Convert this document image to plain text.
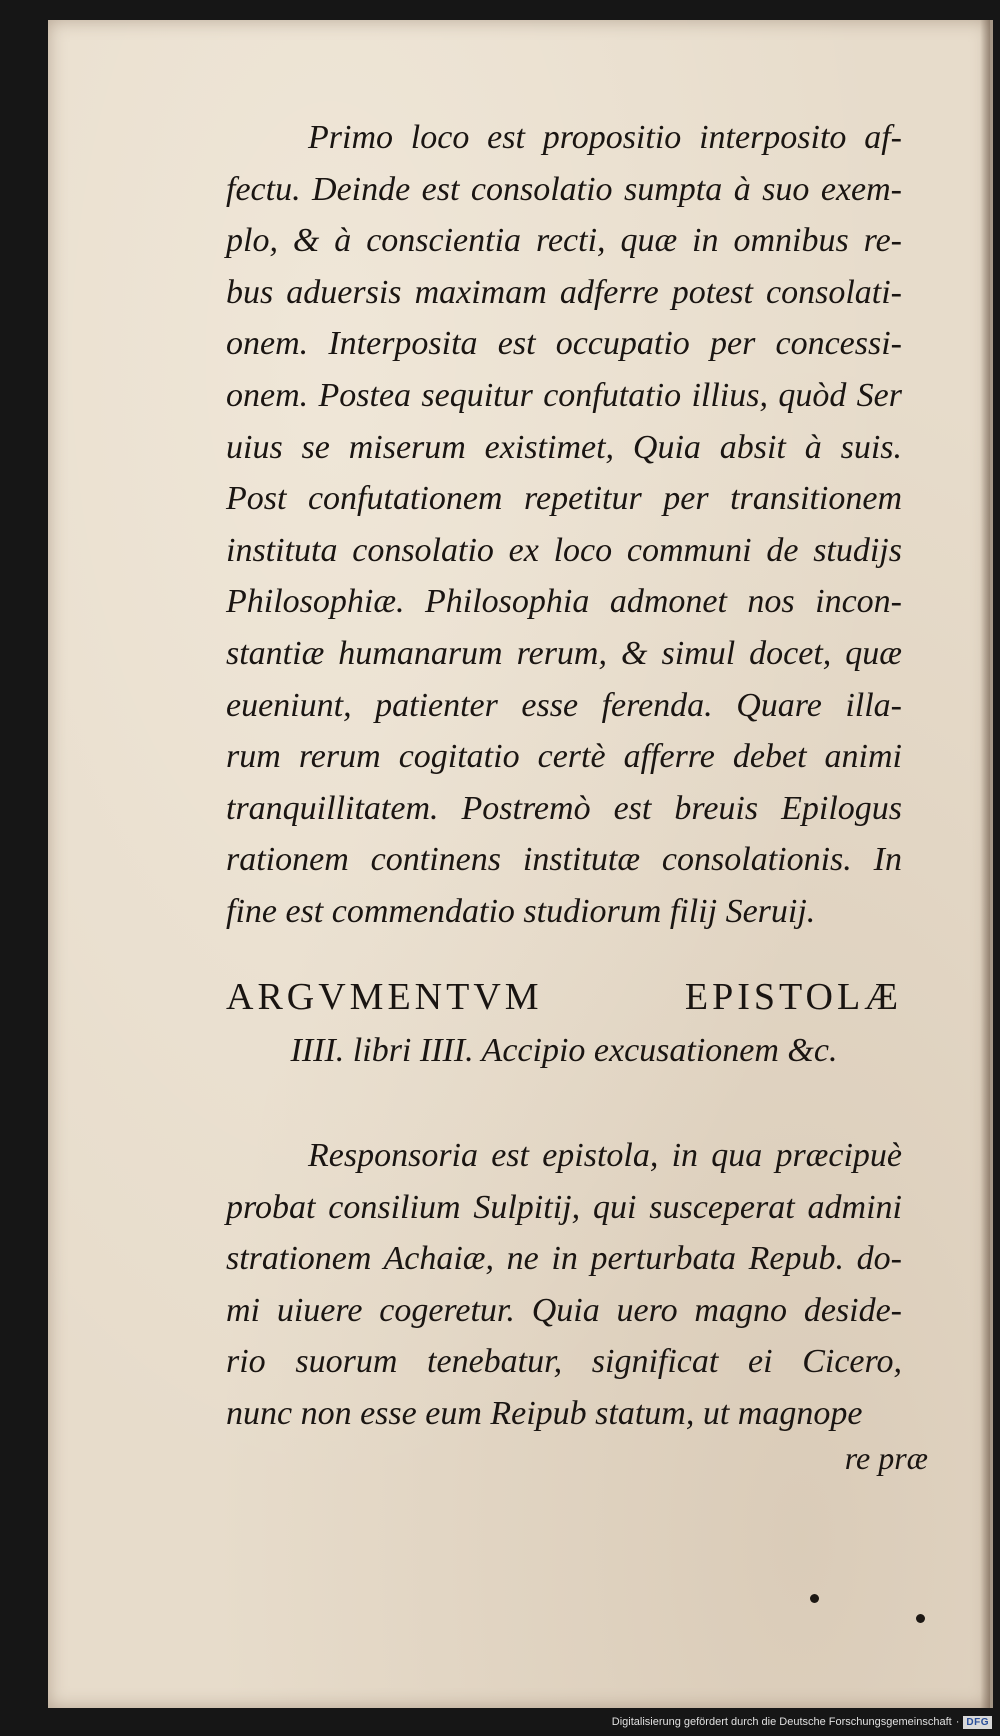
Primo loco est propositio interposito af-
fectu. Deinde est consolatio sumpta à suo exem-
plo, & à conscientia recti, quæ in omnibus re-
bus aduersis maximam adferre potest consolati-
onem. Interposita est occupatio per concessi-
onem. Postea sequitur confutatio illius, quòd Ser
uius se miserum existimet, Quia absit à suis.
Post confutationem repetitur per transitionem
instituta consolatio ex loco communi de studijs
Philosophiæ. Philosophia admonet nos incon-
stantiæ humanarum rerum, & simul docet, quæ
eueniunt, patienter esse ferenda. Quare illa-
rum rerum cogitatio certè afferre debet animi
tranquillitatem. Postremò est breuis Epilogus
rationem continens institutæ consolationis. In
fine est commendatio studiorum filij Seruij.

ARGVMENTVM EPISTOLÆ
IIII. libri IIII. Accipio excusationem &c.

Responsoria est epistola, in qua præcipuè
probat consilium Sulpitij, qui susceperat admini
strationem Achaiæ, ne in perturbata Repub. do-
mi uiuere cogeretur. Quia uero magno deside-
rio suorum tenebatur, significat ei Cicero,
nunc non esse eum Reipub statum, ut magnope

re præ
Digitalisierung gefördert durch die Deutsche Forschungsgemeinschaft · DFG
